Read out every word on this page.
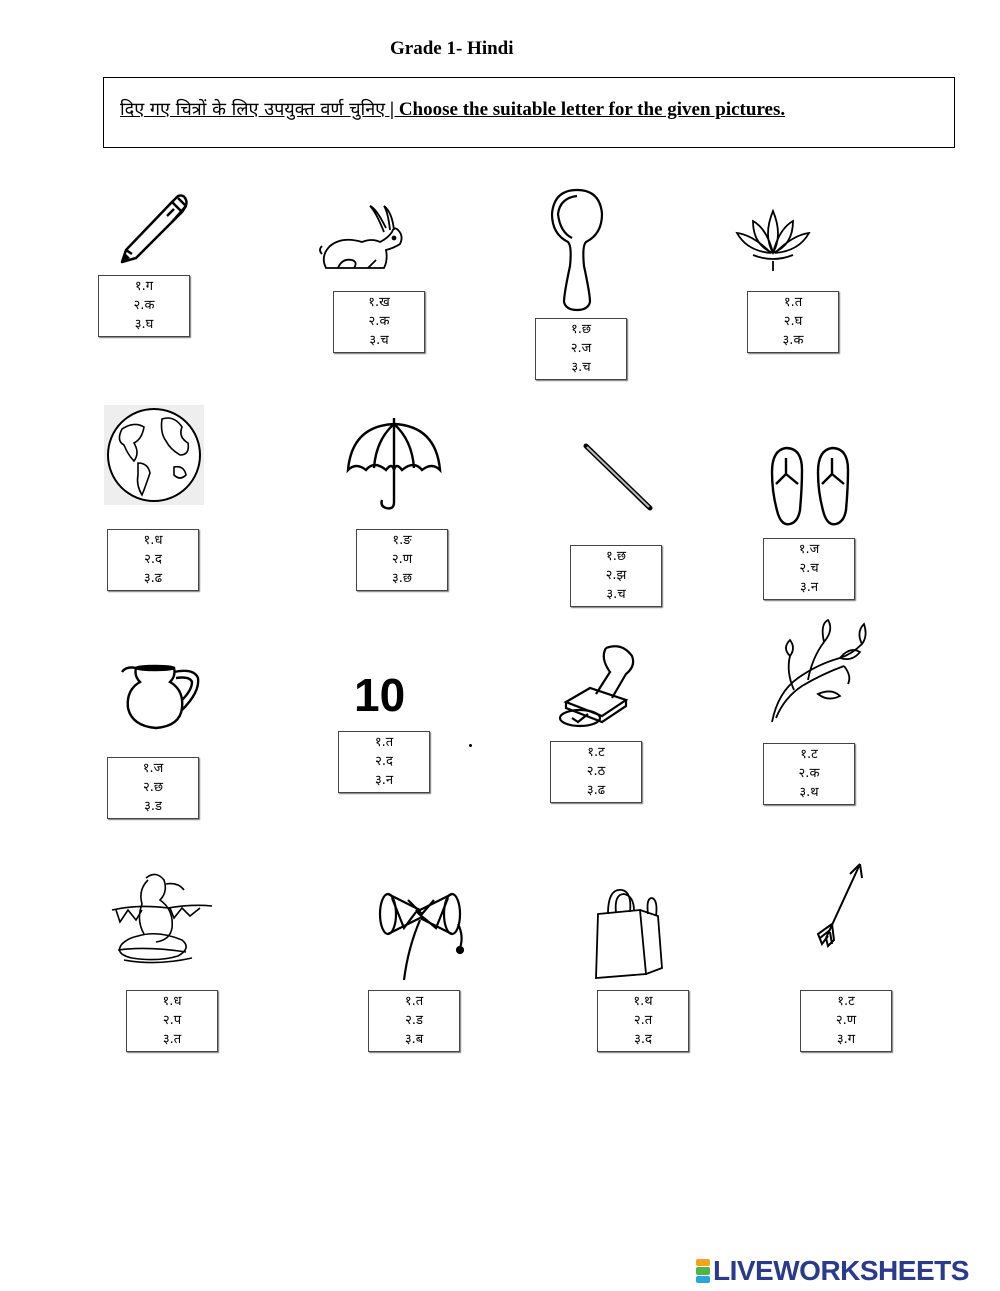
Grade 1- Hindi
दिए गए चित्रों के लिए उपयुक्त वर्ण चुनिए | Choose the suitable letter for the given pictures.
10
१.ग
२.क
३.घ
१.ख
२.क
३.च
१.छ
२.ज
३.च
१.त
२.घ
३.क
१.ध
२.द
३.ढ
१.ङ
२.ण
३.छ
१.छ
२.झ
३.च
१.ज
२.च
३.न
१.ज
२.छ
३.ड
१.त
२.द
३.न
१.ट
२.ठ
३.ढ
१.ट
२.क
३.थ
१.ध
२.प
३.त
१.त
२.ड
३.ब
१.थ
२.त
३.द
१.ट
२.ण
३.ग
LIVEWORKSHEETS
